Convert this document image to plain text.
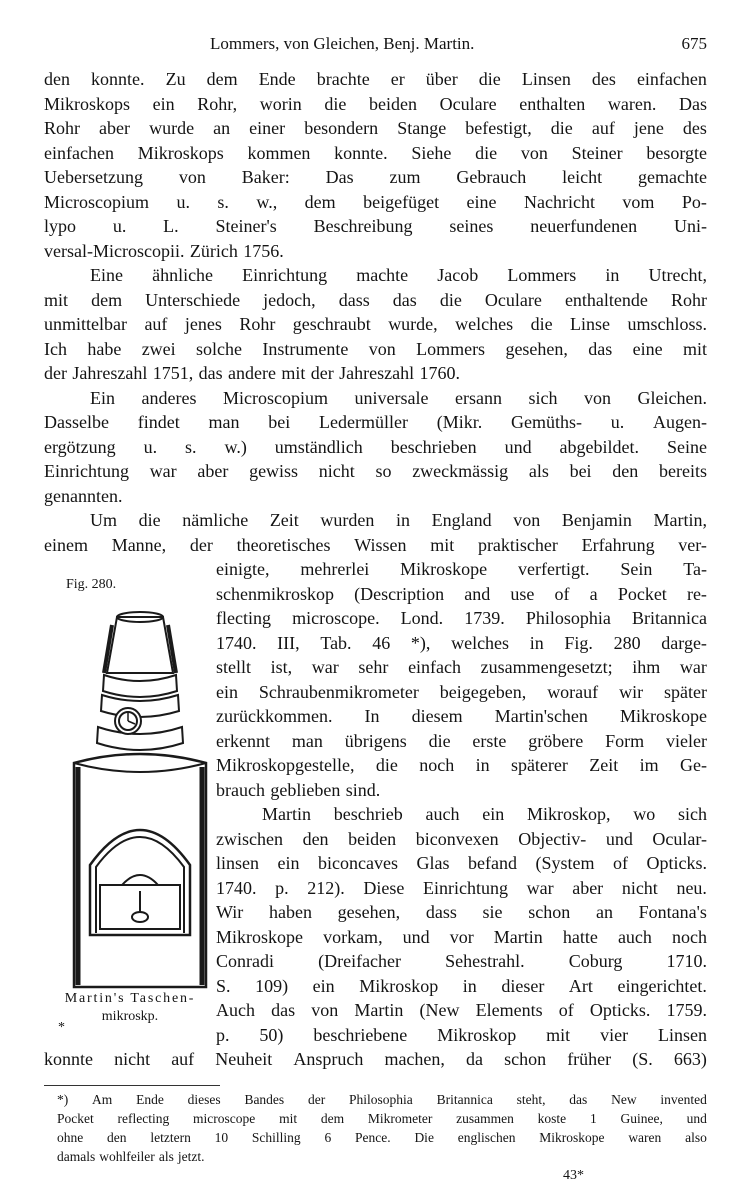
Lommers, von Gleichen, Benj. Martin.	675
den konnte. Zu dem Ende brachte er über die Linsen des einfachen
Mikroskops ein Rohr, worin die beiden Oculare enthalten waren. Das
Rohr aber wurde an einer besondern Stange befestigt, die auf jene des
einfachen Mikroskops kommen konnte. Siehe die von Steiner besorgte
Uebersetzung von Baker: Das zum Gebrauch leicht gemachte
Microscopium u. s. w., dem beigefüget eine Nachricht vom Po-
lypo u. L. Steiner's Beschreibung seines neuerfundenen Uni-
versal-Microscopii. Zürich 1756.
Eine ähnliche Einrichtung machte Jacob Lommers in Utrecht,
mit dem Unterschiede jedoch, dass das die Oculare enthaltende Rohr
unmittelbar auf jenes Rohr geschraubt wurde, welches die Linse umschloss.
Ich habe zwei solche Instrumente von Lommers gesehen, das eine mit
der Jahreszahl 1751, das andere mit der Jahreszahl 1760.
Ein anderes Microscopium universale ersann sich von Gleichen.
Dasselbe findet man bei Ledermüller (Mikr. Gemüths- u. Augen-
ergötzung u. s. w.) umständlich beschrieben und abgebildet. Seine
Einrichtung war aber gewiss nicht so zweckmässig als bei den bereits
genannten.
Um die nämliche Zeit wurden in England von Benjamin Martin,
einem Manne, der theoretisches Wissen mit praktischer Erfahrung ver-
Fig. 280.
Martin's Taschen-
mikroskp.
*
einigte, mehrerlei Mikroskope verfertigt. Sein Ta-
schenmikroskop (Description and use of a Pocket re-
flecting microscope. Lond. 1739. Philosophia Britannica
1740. III, Tab. 46 *), welches in Fig. 280 darge-
stellt ist, war sehr einfach zusammengesetzt; ihm war
ein Schraubenmikrometer beigegeben, worauf wir später
zurückkommen. In diesem Martin'schen Mikroskope
erkennt man übrigens die erste gröbere Form vieler
Mikroskopgestelle, die noch in späterer Zeit im Ge-
brauch geblieben sind.
Martin beschrieb auch ein Mikroskop, wo sich
zwischen den beiden biconvexen Objectiv- und Ocular-
linsen ein biconcaves Glas befand (System of Opticks.
1740. p. 212). Diese Einrichtung war aber nicht neu.
Wir haben gesehen, dass sie schon an Fontana's
Mikroskope vorkam, und vor Martin hatte auch noch
Conradi (Dreifacher Sehestrahl. Coburg 1710.
S. 109) ein Mikroskop in dieser Art eingerichtet.
Auch das von Martin (New Elements of Opticks. 1759.
p. 50) beschriebene Mikroskop mit vier Linsen
konnte nicht auf Neuheit Anspruch machen, da schon früher (S. 663)
*) Am Ende dieses Bandes der Philosophia Britannica steht, das New invented
Pocket reflecting microscope mit dem Mikrometer zusammen koste 1 Guinee, und
ohne den letztern 10 Schilling 6 Pence. Die englischen Mikroskope waren also
damals wohlfeiler als jetzt.
43*
